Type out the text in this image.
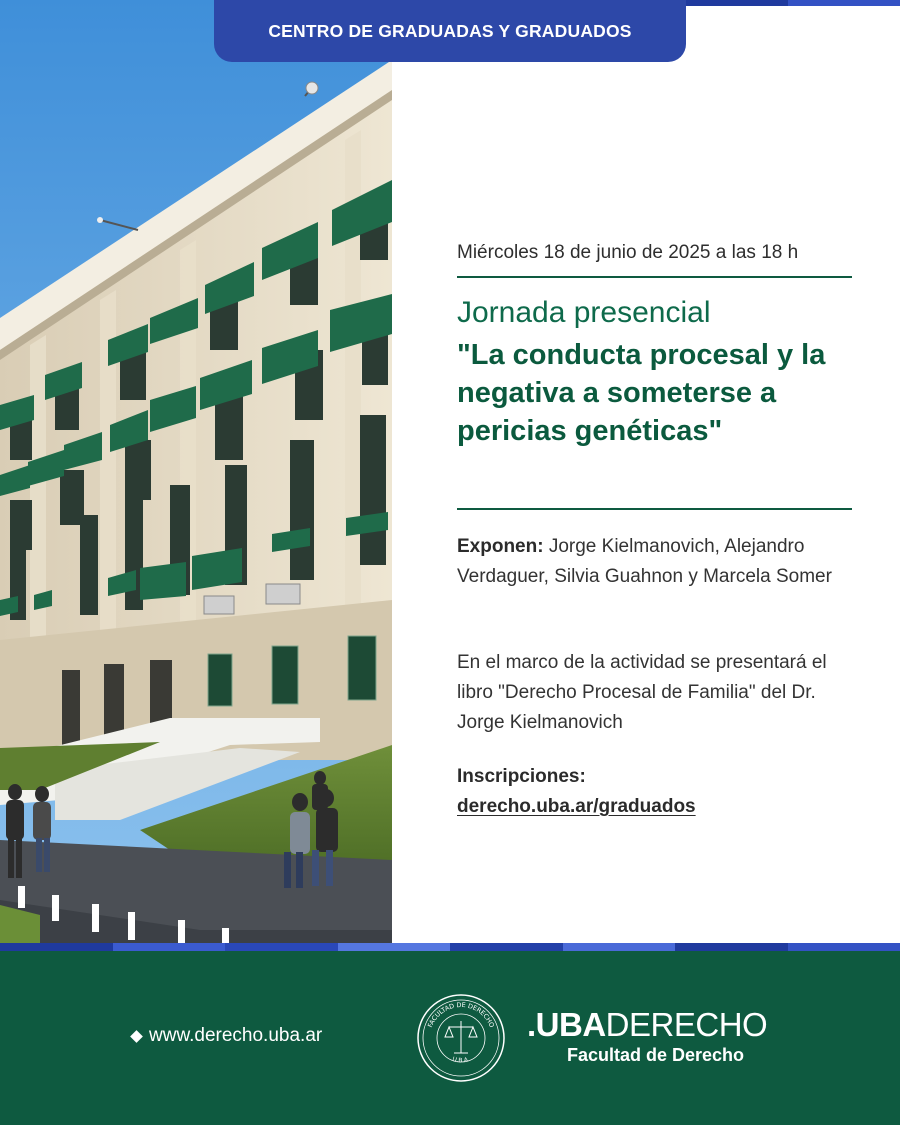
CENTRO DE GRADUADAS Y GRADUADOS
Miércoles 18 de junio de 2025 a las 18 h
Jornada presencial
"La conducta procesal y la negativa a someterse a pericias genéticas"
Exponen: Jorge Kielmanovich, Alejandro Verdaguer, Silvia Guahnon y Marcela Somer
En el marco de la actividad se presentará el libro "Derecho Procesal de Familia" del Dr. Jorge Kielmanovich
Inscripciones:
derecho.uba.ar/graduados
www.derecho.uba.ar	FACULTAD DE DERECHO
U.B.A.
.UBADERECHO
Facultad de Derecho
